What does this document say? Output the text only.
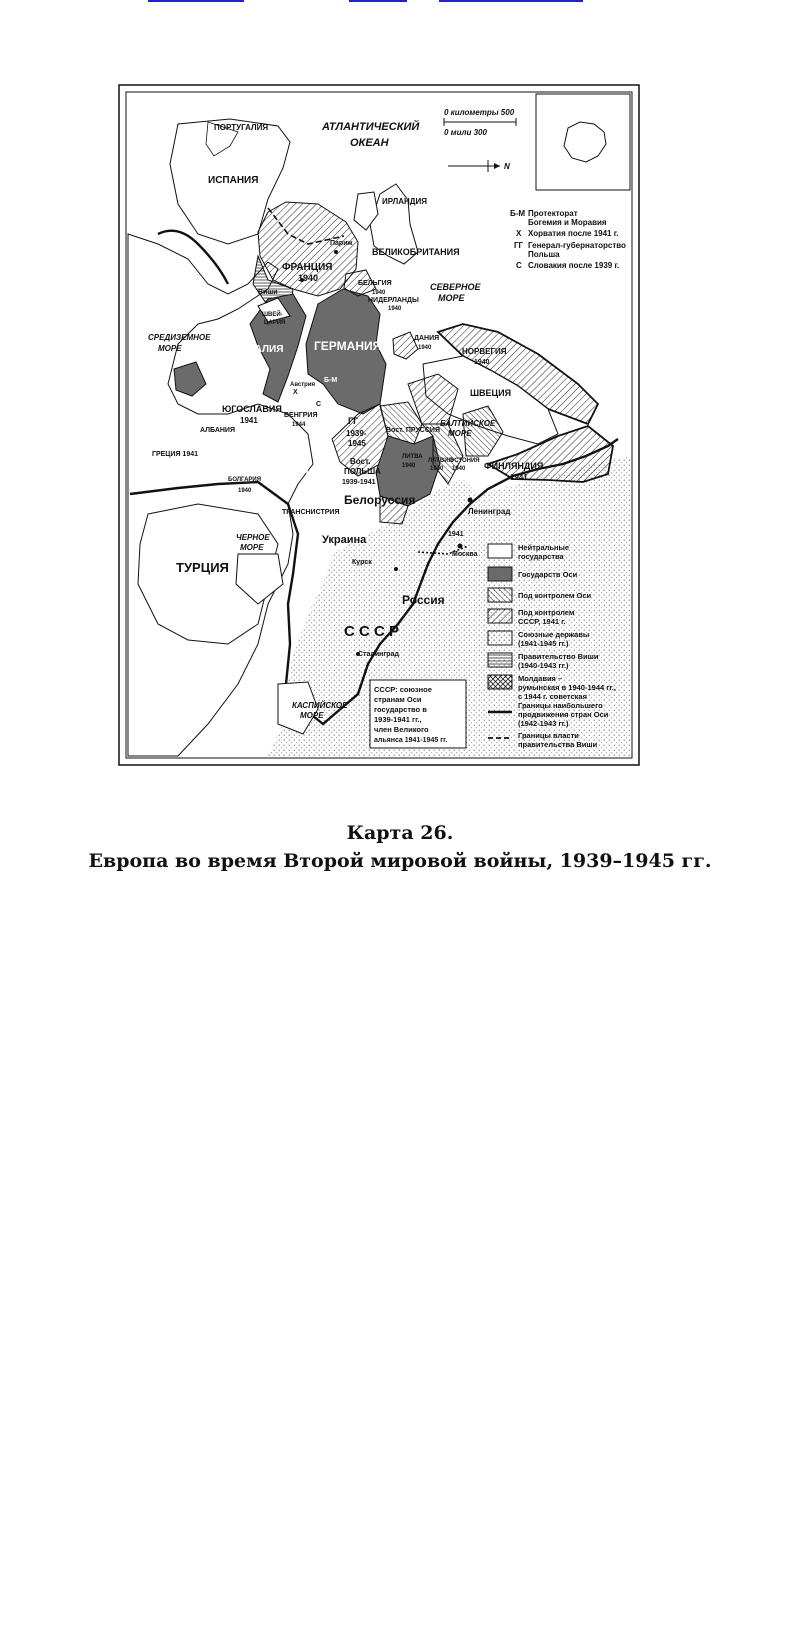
0 километры 500
0 мили 300
N
АТЛАНТИЧЕСКИЙ
ОКЕАН
СРЕДИЗЕМНОЕ
МОРЕ
СЕВЕРНОЕ
МОРЕ
БАЛТИЙСКОЕ
МОРЕ
ЧЕРНОЕ
МОРЕ
КАСПИЙСКОЕ
МОРЕ
ПОРТУГАЛИЯ
ИСПАНИЯ
ИРЛАНДИЯ
ВЕЛИКОБРИТАНИЯ
ФРАНЦИЯ
1940
Париж
Виши
БЕЛЬГИЯ
1940
НИДЕРЛАНДЫ
1940
ШВЕЙ-
ЦАРИЯ
ИТАЛИЯ	ГЕРМАНИЯ
ДАНИЯ
1940	НОРВЕГИЯ
1940
ШВЕЦИЯ
Австрия
Б-М
ЮГОСЛАВИЯ
1941
АЛБАНИЯ
ГРЕЦИЯ 1941
ВЕНГРИЯ
1944
Х
С
ГГ
1939-
1945
Вост. ПРУССИЯ
Вост.
ПОЛЬША
1939-1941
ЛИТВА
1940
ЛАТВИЯ
1940
ЭСТОНИЯ
1940 ФИНЛЯНДИЯ
1941
РУМЫНИЯ
1941
БОЛГАРИЯ
1940
ТРАНСНИСТРИЯ
Белоруссия
Украина
ТУРЦИЯ
Россия
С С С Р
Ленинград
Москва
Курск
Сталинград
1941
Б-М Протекторат
Богемия и Моравия
Х Хорватия после 1941 г.
ГГ Генерал-губернаторство
Польша
С Словакия после 1939 г.
Нейтральные
государства
Государств Оси
Под контролем Оси
Под контролем
СССР, 1941 г.
Союзные державы
(1941-1945 гг.)
Правительство Виши
(1940-1943 гг.)
Молдавия –
румынская в 1940-1944 гг.,
с 1944 г. советская
Границы наибольшего
продвижения стран Оси
(1942-1943 гг.)
Границы власти
правительства Виши
СССР: союзное
странам Оси
государство в
1939-1941 гг.,
член Великого
альянса 1941-1945 гг.
Карта 26.
Европа во время Второй мировой войны, 1939–1945 гг.
